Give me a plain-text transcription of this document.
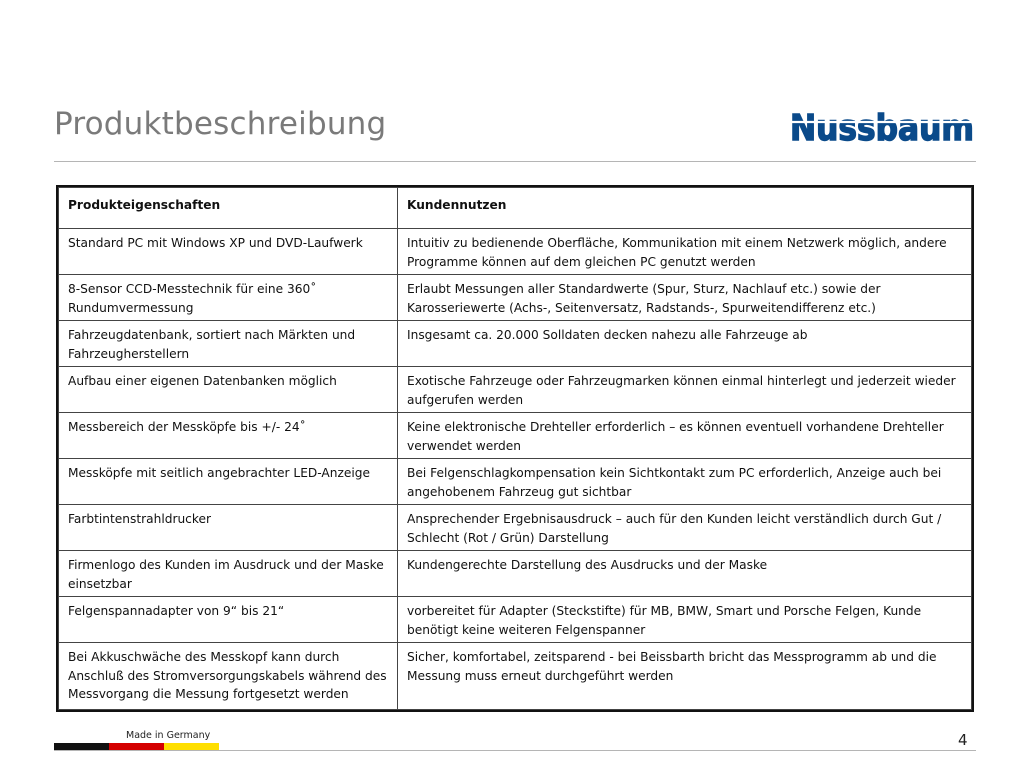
Produktbeschreibung	Nussbaum
Produkteigenschaften	Kundennutzen
Standard PC mit Windows XP und DVD-Laufwerk	Intuitiv zu bedienende Oberfläche, Kommunikation mit einem Netzwerk möglich, andere Programme können auf dem gleichen PC genutzt werden
8-Sensor CCD-Messtechnik für eine 360˚ Rundumvermessung	Erlaubt Messungen aller Standardwerte (Spur, Sturz, Nachlauf etc.) sowie der Karosseriewerte (Achs-, Seitenversatz, Radstands-, Spurweitendifferenz etc.)
Fahrzeugdatenbank, sortiert nach Märkten und Fahrzeugherstellern	Insgesamt ca. 20.000 Solldaten decken nahezu alle Fahrzeuge ab
Aufbau einer eigenen Datenbanken möglich	Exotische Fahrzeuge oder Fahrzeugmarken können einmal hinterlegt und jederzeit wieder aufgerufen werden
Messbereich der Messköpfe bis +/- 24˚	Keine elektronische Drehteller erforderlich – es können eventuell vorhandene Drehteller verwendet werden
Messköpfe mit seitlich angebrachter LED-Anzeige	Bei Felgenschlagkompensation kein Sichtkontakt zum PC erforderlich, Anzeige auch bei angehobenem Fahrzeug gut sichtbar
Farbtintenstrahldrucker	Ansprechender Ergebnisausdruck – auch für den Kunden leicht verständlich durch Gut / Schlecht (Rot / Grün) Darstellung
Firmenlogo des Kunden im Ausdruck und der Maske einsetzbar	Kundengerechte Darstellung des Ausdrucks und der Maske
Felgenspannadapter von 9“ bis 21“	vorbereitet für Adapter (Steckstifte) für MB, BMW, Smart und Porsche Felgen, Kunde benötigt keine weiteren Felgenspanner
Bei Akkuschwäche des Messkopf kann durch Anschluß des Stromversorgungskabels während des Messvorgang die Messung fortgesetzt werden	Sicher, komfortabel, zeitsparend - bei Beissbarth bricht das Messprogramm ab und die Messung muss erneut durchgeführt werden
Made in Germany	4
